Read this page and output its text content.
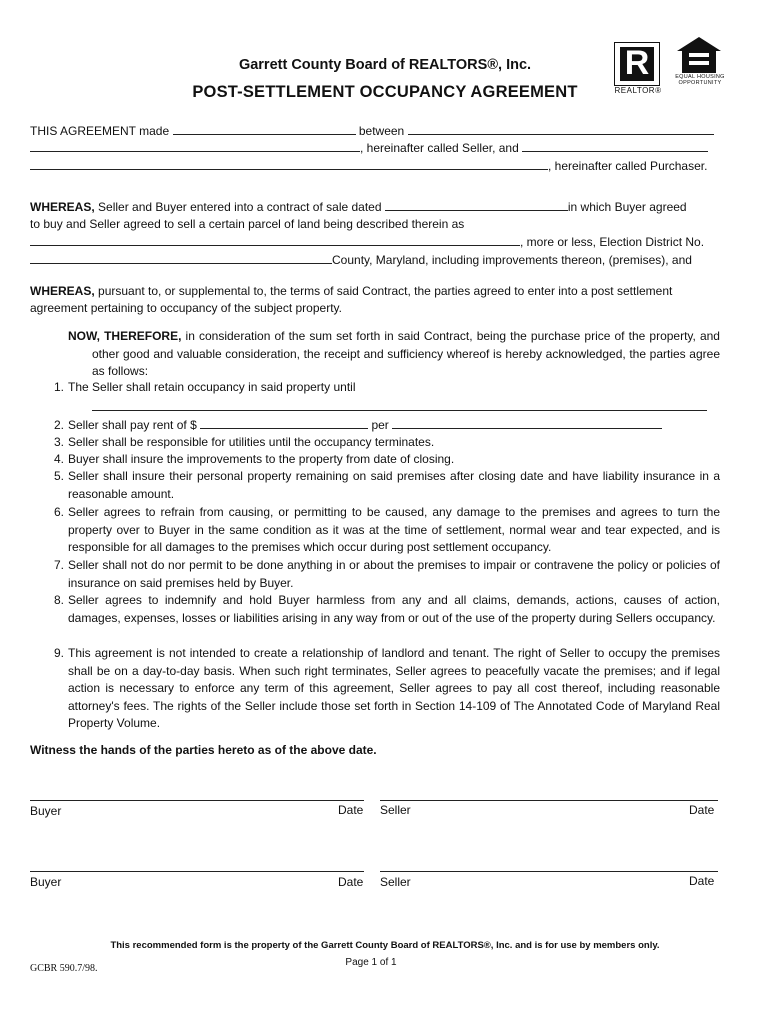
Garrett County Board of REALTORS®, Inc.
POST-SETTLEMENT OCCUPANCY AGREEMENT
R
REALTOR®
EQUAL HOUSING
OPPORTUNITY
THIS AGREEMENT made	between
, hereinafter called Seller, and
, hereinafter called Purchaser.
WHEREAS, Seller and Buyer entered into a contract of sale dated	in which Buyer agreed
to buy and Seller agreed to sell a certain parcel of land being described therein as
, more or less, Election District No.
County, Maryland, including improvements thereon, (premises), and
WHEREAS, pursuant to, or supplemental to, the terms of said Contract, the parties agreed to enter into a post settlement
agreement pertaining to occupancy of the subject property.
NOW, THEREFORE, in consideration of the sum set forth in said Contract, being the purchase price of the property, and other good and valuable consideration, the receipt and sufficiency whereof is hereby acknowledged, the parties agree as follows:
1. The Seller shall retain occupancy in said property until
2. Seller shall pay rent of $	per
3. Seller shall be responsible for utilities until the occupancy terminates.
4. Buyer shall insure the improvements to the property from date of closing.
5. Seller shall insure their personal property remaining on said premises after closing date and have liability insurance in a reasonable amount.
6. Seller agrees to refrain from causing, or permitting to be caused, any damage to the premises and agrees to turn the property over to Buyer in the same condition as it was at the time of settlement, normal wear and tear expected, and is responsible for all damages to the premises which occur during post settlement occupancy.
7. Seller shall not do nor permit to be done anything in or about the premises to impair or contravene the policy or policies of insurance on said premises held by Buyer.
8. Seller agrees to indemnify and hold Buyer harmless from any and all claims, demands, actions, causes of action, damages, expenses, losses or liabilities arising in any way from or out of the use of the property during Sellers occupancy.
9. This agreement is not intended to create a relationship of landlord and tenant. The right of Seller to occupy the premises shall be on a day-to-day basis. When such right terminates, Seller agrees to peacefully vacate the premises; and if legal action is necessary to enforce any term of this agreement, Seller agrees to pay all cost thereof, including reasonable attorney's fees. The rights of the Seller include those set forth in Section 14-109 of The Annotated Code of Maryland Real Property Volume.
Witness the hands of the parties hereto as of the above date.
Buyer	Date Seller	Date
Buyer	Date Seller	Date
This recommended form is the property of the Garrett County Board of REALTORS®, Inc. and is for use by members only.
Page 1 of 1
GCBR 590.7/98.
